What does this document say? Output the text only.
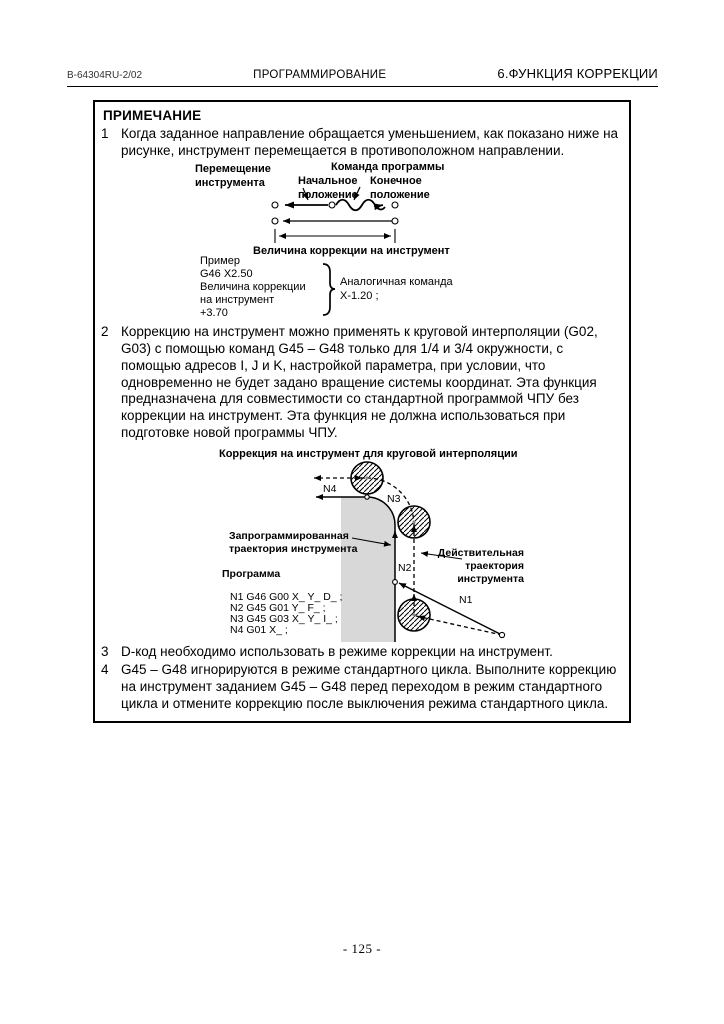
B-64304RU-2/02	ПРОГРАММИРОВАНИЕ	6.ФУНКЦИЯ КОРРЕКЦИИ
ПРИМЕЧАНИЕ
1 Когда заданное направление обращается уменьшением, как показано ниже на рисунке, инструмент перемещается в противоположном направлении.

Перемещение
инструмента
Команда программы
Начальное
положение
Конечное
положение
Величина коррекции на инструмент
Пример
G46 X2.50
Величина коррекции
на инструмент
+3.70
Аналогичная команда
X-1.20 ;
2 Коррекцию на инструмент можно применять к круговой интерполяции (G02, G03) с помощью команд G45 – G48 только для 1/4 и 3/4 окружности, с помощью адресов I, J и K, настройкой параметра, при условии, что одновременно не будет задано вращение системы координат. Эта функция предназначена для совместимости со стандартной программой ЧПУ без коррекции на инструмент. Эта функция не должна использоваться при подготовке новой программы ЧПУ.

Коррекция на инструмент для круговой интерполяции
N4
N3
N2
N1
Запрограммированная
траектория инструмента	Действительная
траектория
инструмента
Программа
N1 G46 G00 X_ Y_ D_ ;
N2 G45 G01 Y_ F_ ;
N3 G45 G03 X_ Y_ I_ ;
N4 G01 X_ ;
3 D-код необходимо использовать в режиме коррекции на инструмент.

4 G45 – G48 игнорируются в режиме стандартного цикла. Выполните коррекцию на инструмент заданием G45 – G48 перед переходом в режим стандартного цикла и отмените коррекцию после выключения режима стандартного цикла.

- 125 -
